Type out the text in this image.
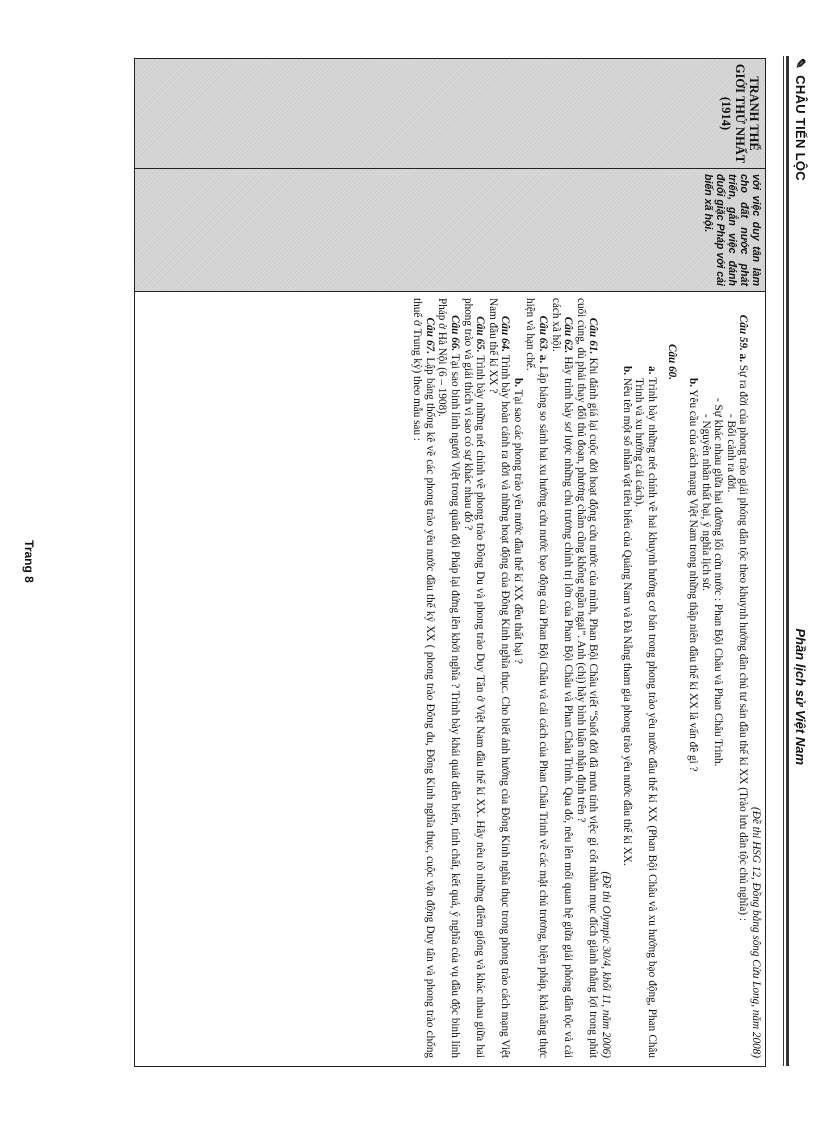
✎CHÂU TIẾN LỘC
Phần lịch sử Việt Nam
TRANH THẾ GIỚI THỨ NHẤT (1914)

với việc duy tân làm cho đất nước phát triển, gắn việc đánh đuổi giặc Pháp với cải biến xã hội.

(Đề thi HSG 12, Đồng bằng sông Cửu Long, năm 2008)

Câu 59. a. Sự ra đời của phong trào giải phóng dân tộc theo khuynh hướng dân chủ tư sản đầu thế kỉ XX (Trào lưu dân tộc chủ nghĩa) :

- Bối cảnh ra đời.

- Sự khác nhau giữa hai đường lối cứu nước : Phan Bội Châu và Phan Châu Trinh.

- Nguyên nhân thất bại, ý nghĩa lịch sử.

b. Yêu cầu của cách mạng Việt Nam trong những thập niên đầu thế kỉ XX là vấn đề gì ?

Câu 60.

a. Trình bày những nét chính về hai khuynh hướng cơ bản trong phong trào yêu nước đầu thế kỉ XX (Phan Bội Châu và xu hướng bạo động, Phan Châu Trinh và xu hướng cải cách).

b. Nêu tên một số nhân vật tiêu biểu của Quảng Nam và Đà Nẵng tham gia phong trào yêu nước đầu thế kỉ XX.

(Đề thi Olympic 30/4, khối 11, năm 2006)

Câu 61. Khi đánh giá lại cuộc đời hoạt động cứu nước của mình, Phan Bội Châu viết “Suốt đời đã mưu tính việc gì cốt nhằm mục đích giành thắng lợi trong phút cuối cùng, dù phải thay đổi thủ đoạn, phương châm cũng không ngần ngại”. Anh (chị) hãy bình luận nhận định trên ?

Câu 62. Hãy trình bày sơ lược những chủ trương chính trị lớn của Phan Bội Châu và Phan Châu Trinh. Qua đó, nêu lên mối quan hệ giữa giải phóng dân tộc và cải cách xã hội.

Câu 63. a. Lập bảng so sánh hai xu hướng cứu nước bạo động của Phan Bội Châu và cải cách của Phan Châu Trinh về các mặt chủ trương, biện pháp, khả năng thực hiện và hạn chế.

b. Tại sao các phong trào yêu nước đầu thế kỉ XX đều thất bại ?

Câu 64. Trình bày hoàn cảnh ra đời và những hoạt động của Đông Kinh nghĩa thục. Cho biết ảnh hưởng của Đông Kinh nghĩa thục trong phong trào cách mạng Việt Nam đầu thế kỉ XX ?

Câu 65. Trình bày những nét chính về phong trào Đông Du và phong trào Duy Tân ở Việt Nam đầu thế kỉ XX. Hãy nêu rõ những điểm giống và khác nhau giữa hai phong trào và giải thích vì sao có sự khác nhau đó ?

Câu 66. Tại sao binh lính người Việt trong quân đội Pháp lại đứng lên khởi nghĩa ? Trình bày khái quát diễn biến, tính chất, kết quả, ý nghĩa của vụ đầu độc binh lính Pháp ở Hà Nội (6 – 1908).

Câu 67. Lập bảng thống kê về các phong trào yêu nước đầu thế kỷ XX ( phong trào Đông du, Đông Kinh nghĩa thục, cuộc vận động Duy tân và phong trào chống thuế ở Trung kỳ) theo mẫu sau :

Trang 8
